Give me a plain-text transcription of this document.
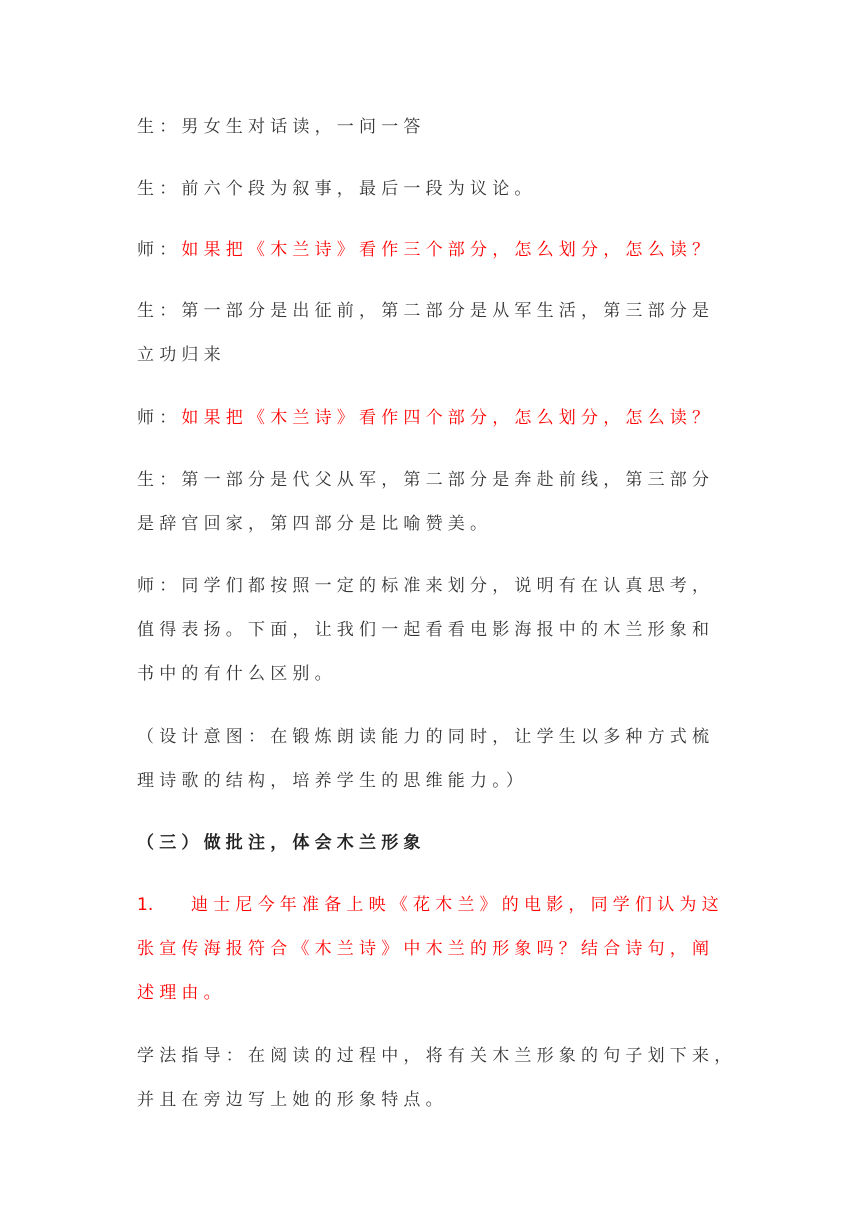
生：男女生对话读，一问一答
生：前六个段为叙事，最后一段为议论。
师：如果把《木兰诗》看作三个部分，怎么划分，怎么读？
生：第一部分是出征前，第二部分是从军生活，第三部分是
立功归来
师：如果把《木兰诗》看作四个部分，怎么划分，怎么读？
生：第一部分是代父从军，第二部分是奔赴前线，第三部分
是辞官回家，第四部分是比喻赞美。
师：同学们都按照一定的标准来划分，说明有在认真思考，
值得表扬。下面，让我们一起看看电影海报中的木兰形象和
书中的有什么区别。
（设计意图：在锻炼朗读能力的同时，让学生以多种方式梳
理诗歌的结构，培养学生的思维能力。）
（三）做批注，体会木兰形象
1. 迪士尼今年准备上映《花木兰》的电影，同学们认为这
张宣传海报符合《木兰诗》中木兰的形象吗？结合诗句，阐
述理由。
学法指导：在阅读的过程中，将有关木兰形象的句子划下来，
并且在旁边写上她的形象特点。
